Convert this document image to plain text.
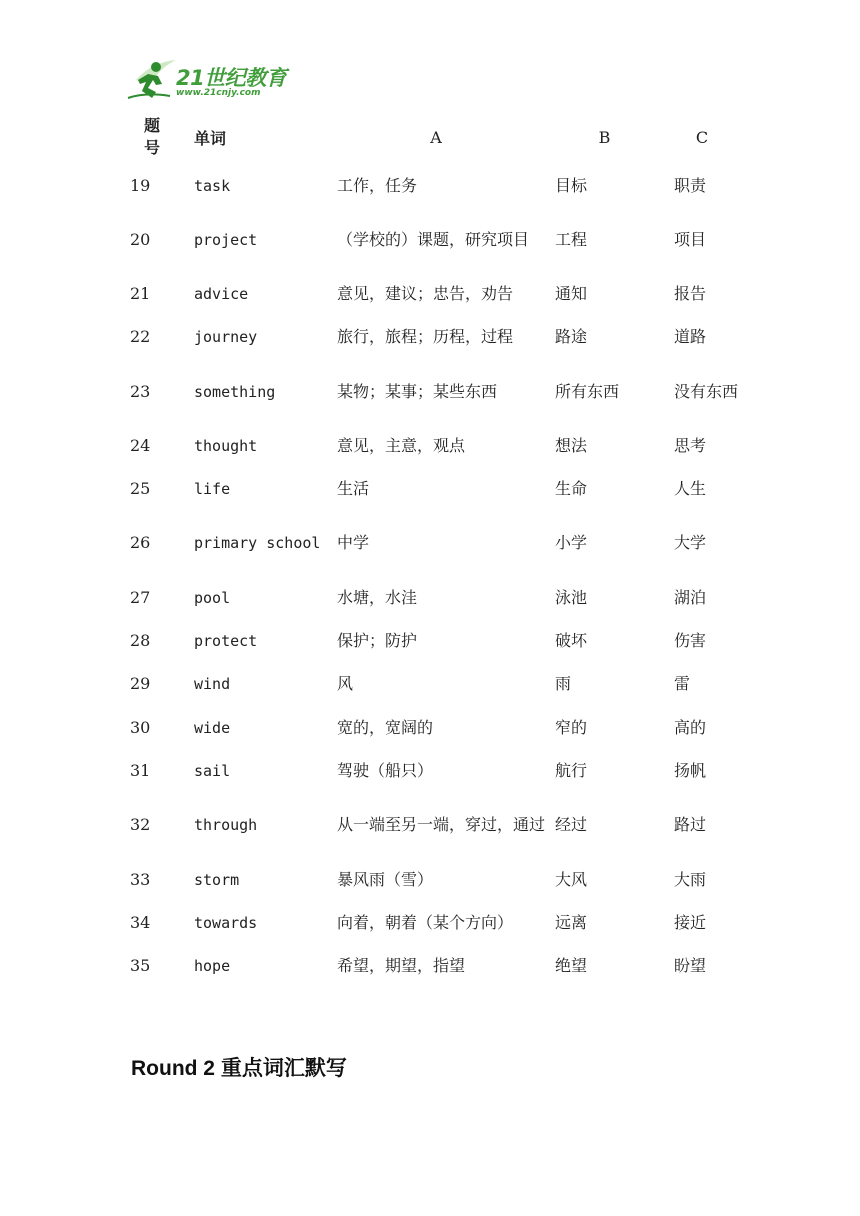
21世纪教育
www.21cnjy.com
题
号	单词	A	B	C
19	task	工作，任务	目标	职责
20	project	（学校的）课题，研究项目	工程	项目
21	advice	意见，建议；忠告，劝告	通知	报告
22	journey	旅行，旅程；历程，过程	路途	道路
23	something	某物；某事；某些东西	所有东西	没有东西
24	thought	意见，主意，观点	想法	思考
25	life	生活	生命	人生
26	primary school	中学	小学	大学
27	pool	水塘，水洼	泳池	湖泊
28	protect	保护；防护	破坏	伤害
29	wind	风	雨	雷
30	wide	宽的，宽阔的	窄的	高的
31	sail	驾驶（船只）	航行	扬帆
32	through	从一端至另一端，穿过，通过	经过	路过
33	storm	暴风雨（雪）	大风	大雨
34	towards	向着，朝着（某个方向）	远离	接近
35	hope	希望，期望，指望	绝望	盼望
Round 2 重点词汇默写
